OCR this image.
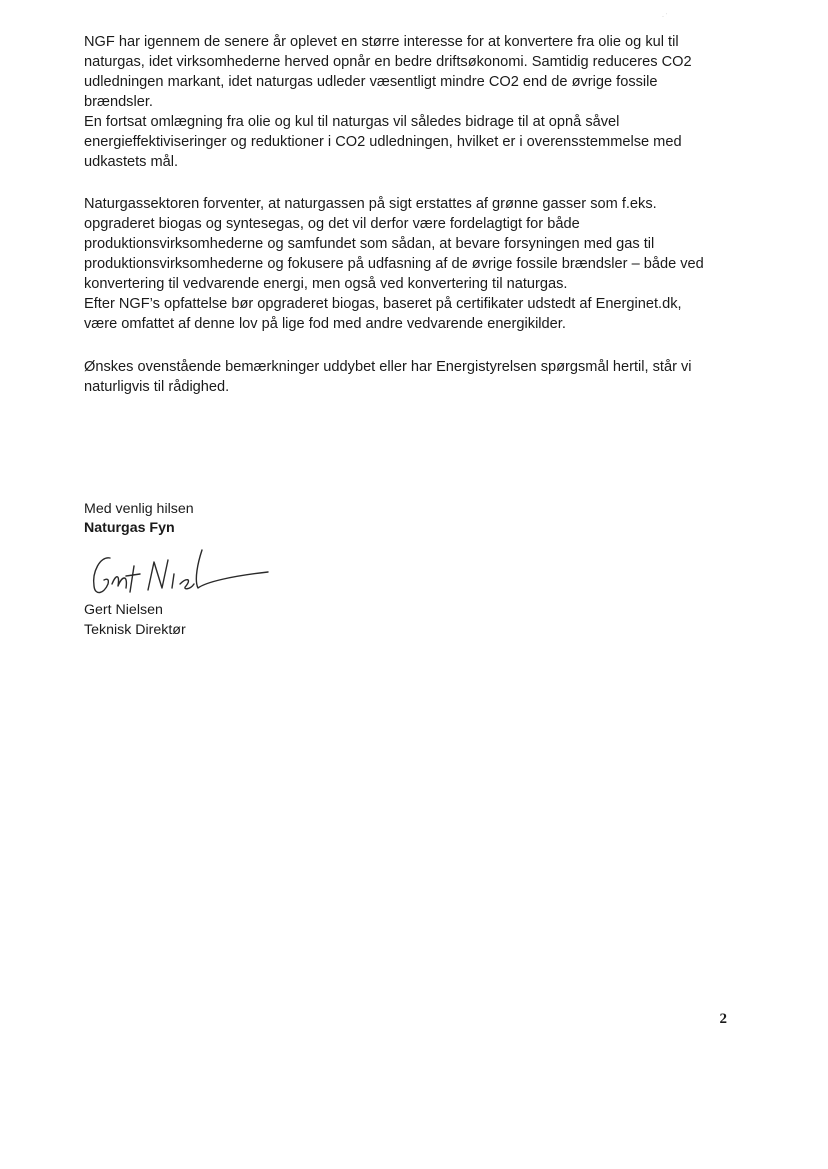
· ˙
NGF har igennem de senere år oplevet en større interesse for at konvertere fra olie og kul til
naturgas, idet virksomhederne herved opnår en bedre driftsøkonomi. Samtidig reduceres CO2
udledningen markant, idet naturgas udleder væsentligt mindre CO2 end de øvrige fossile
brændsler.
En fortsat omlægning fra olie og kul til naturgas vil således bidrage til at opnå såvel
energieffektiviseringer og reduktioner i CO2 udledningen, hvilket er i overensstemmelse med
udkastets mål.
Naturgassektoren forventer, at naturgassen på sigt erstattes af grønne gasser som f.eks.
opgraderet biogas og syntesegas, og det vil derfor være fordelagtigt for både
produktionsvirksomhederne og samfundet som sådan, at bevare forsyningen med gas til
produktionsvirksomhederne og fokusere på udfasning af de øvrige fossile brændsler – både ved
konvertering til vedvarende energi, men også ved konvertering til naturgas.
Efter NGF’s opfattelse bør opgraderet biogas, baseret på certifikater udstedt af Energinet.dk,
være omfattet af denne lov på lige fod med andre vedvarende energikilder.
Ønskes ovenstående bemærkninger uddybet eller har Energistyrelsen spørgsmål hertil, står vi
naturligvis til rådighed.
Med venlig hilsen
Naturgas Fyn
Gert Nielsen
Teknisk Direktør
2
